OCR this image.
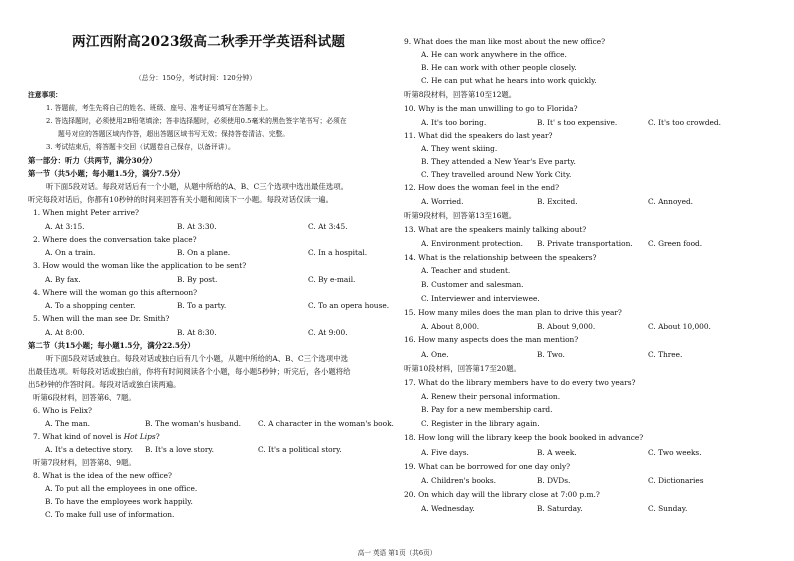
两江西附高2023级高二秋季开学英语科试题
（总分：150分，考试时间：120分钟）
注意事项：
1. 答题前，考生先将自己的姓名、班级、座号、准考证号填写在答题卡上。
2. 答选择题时，必须使用2B铅笔填涂；答非选择题时，必须使用0.5毫米的黑色签字笔书写；必须在
题号对应的答题区域内作答，超出答题区域书写无效；保持答卷清洁、完整。
3. 考试结束后，将答题卡交回（试题卷自己保存，以备评讲）。
第一部分：听力（共两节，满分30分）
第一节（共5小题；每小题1.5分，满分7.5分）
听下面5段对话。每段对话后有一个小题，从题中所给的A、B、C三个选项中选出最佳选项。
听完每段对话后，你都有10秒钟的时间来回答有关小题和阅读下一小题。每段对话仅读一遍。
1. When might Peter arrive?
A. At 3:15.	B. At 3:30.	C. At 3:45.
2. Where does the conversation take place?
A. On a train.	B. On a plane.	C. In a hospital.
3. How would the woman like the application to be sent?
A. By fax.	B. By post.	C. By e-mail.
4. Where will the woman go this afternoon?
A. To a shopping center.	B. To a party.	C. To an opera house.
5. When will the man see Dr. Smith?
A. At 8:00.	B. At 8:30.	C. At 9:00.
第二节（共15小题；每小题1.5分，满分22.5分）
听下面5段对话或独白。每段对话或独白后有几个小题，从题中所给的A、B、C三个选项中选
出最佳选项。听每段对话或独白前，你将有时间阅读各个小题，每小题5秒钟；听完后，各小题将给
出5秒钟的作答时间。每段对话或独白读两遍。
听第6段材料，回答第6、7题。
6. Who is Felix?
A. The man.	B. The woman's husband. C. A character in the woman's book.
7. What kind of novel is Hot Lips?
A. It's a detective story. B. It's a love story.	C. It's a political story.
听第7段材料，回答第8、9题。
8. What is the idea of the new office?
A. To put all the employees in one office.
B. To have the employees work happily.
C. To make full use of information.
9. What does the man like most about the new office?
A. He can work anywhere in the office.
B. He can work with other people closely.
C. He can put what he hears into work quickly.
听第8段材料，回答第10至12题。
10. Why is the man unwilling to go to Florida?
A. It's too boring.	B. It' s too expensive.	C. It's too crowded.
11. What did the speakers do last year?
A. They went skiing.
B. They attended a New Year's Eve party.
C. They travelled around New York City.
12. How does the woman feel in the end?
A. Worried.	B. Excited.	C. Annoyed.
听第9段材料，回答第13至16题。
13. What are the speakers mainly talking about?
A. Environment protection. B. Private transportation. C. Green food.
14. What is the relationship between the speakers?
A. Teacher and student.
B. Customer and salesman.
C. Interviewer and interviewee.
15. How many miles does the man plan to drive this year?
A. About 8,000.	B. About 9,000.	C. About 10,000.
16. How many aspects does the man mention?
A. One.	B. Two.	C. Three.
听第10段材料，回答第17至20题。
17. What do the library members have to do every two years?
A. Renew their personal information.
B. Pay for a new membership card.
C. Register in the library again.
18. How long will the library keep the book booked in advance?
A. Five days.	B. A week.	C. Two weeks.
19. What can be borrowed for one day only?
A. Children's books.	B. DVDs.	C. Dictionaries
20. On which day will the library close at 7:00 p.m.?
A. Wednesday.	B. Saturday.	C. Sunday.
高一 英语 第1页（共6页）
